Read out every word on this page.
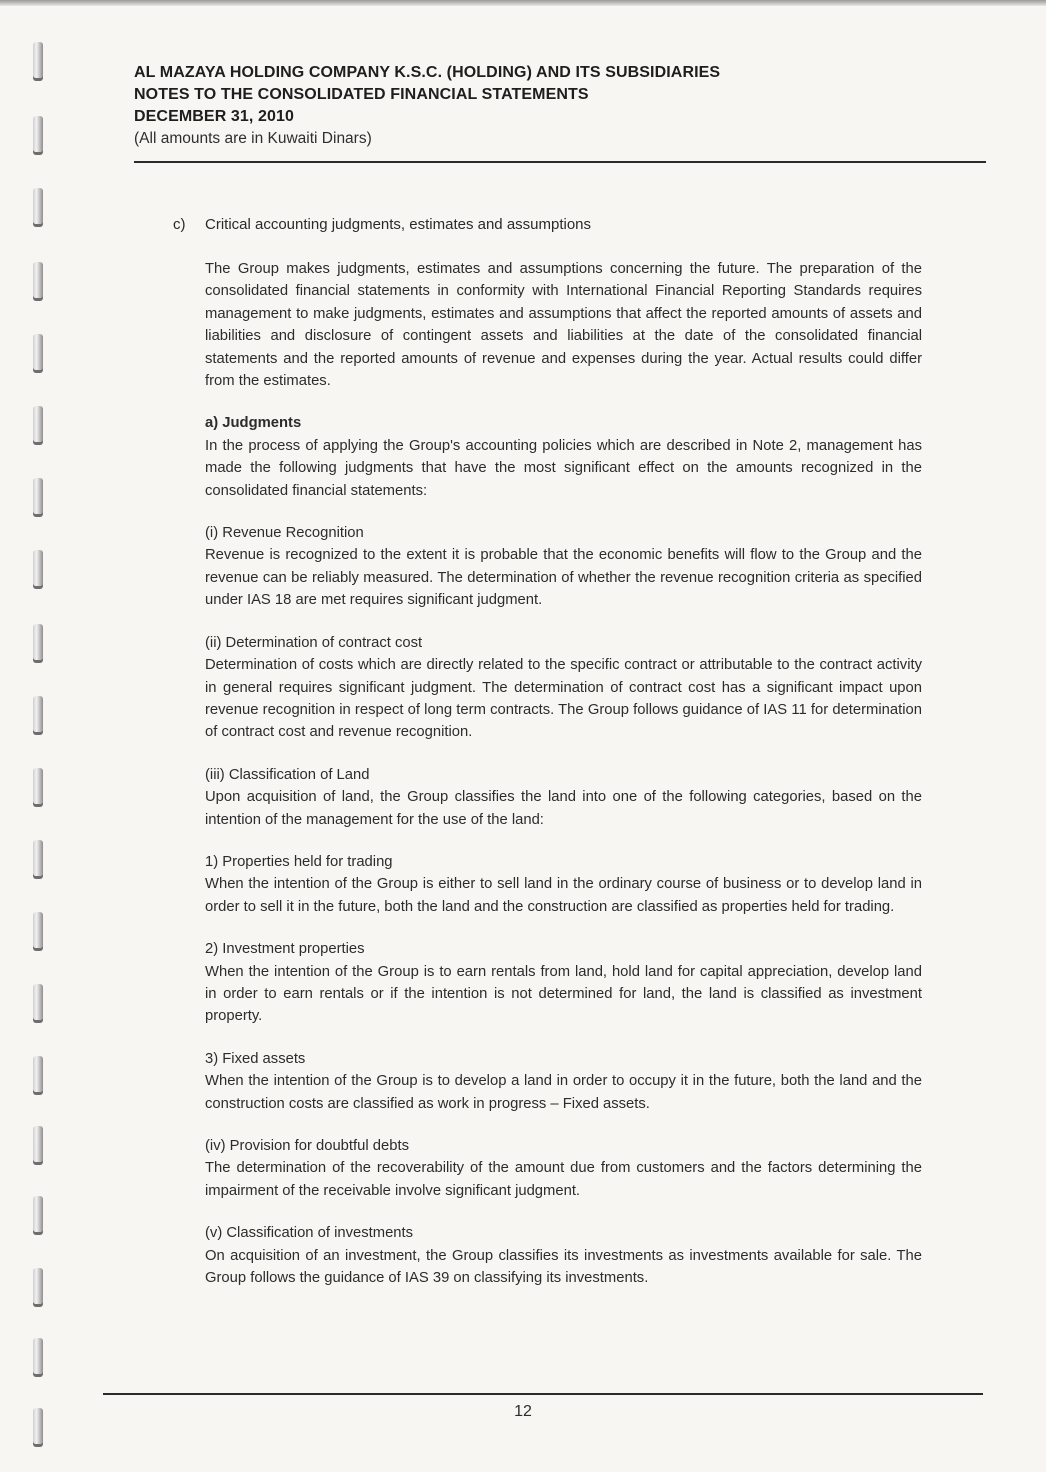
AL MAZAYA HOLDING COMPANY K.S.C. (HOLDING) AND ITS SUBSIDIARIES
NOTES TO THE CONSOLIDATED FINANCIAL STATEMENTS
DECEMBER 31, 2010
(All amounts are in Kuwaiti Dinars)
c) Critical accounting judgments, estimates and assumptions

The Group makes judgments, estimates and assumptions concerning the future. The preparation of the consolidated financial statements in conformity with International Financial Reporting Standards requires management to make judgments, estimates and assumptions that affect the reported amounts of assets and liabilities and disclosure of contingent assets and liabilities at the date of the consolidated financial statements and the reported amounts of revenue and expenses during the year. Actual results could differ from the estimates.

a) Judgments

In the process of applying the Group's accounting policies which are described in Note 2, management has made the following judgments that have the most significant effect on the amounts recognized in the consolidated financial statements:

(i) Revenue Recognition

Revenue is recognized to the extent it is probable that the economic benefits will flow to the Group and the revenue can be reliably measured. The determination of whether the revenue recognition criteria as specified under IAS 18 are met requires significant judgment.

(ii) Determination of contract cost

Determination of costs which are directly related to the specific contract or attributable to the contract activity in general requires significant judgment. The determination of contract cost has a significant impact upon revenue recognition in respect of long term contracts. The Group follows guidance of IAS 11 for determination of contract cost and revenue recognition.

(iii) Classification of Land

Upon acquisition of land, the Group classifies the land into one of the following categories, based on the intention of the management for the use of the land:

1) Properties held for trading

When the intention of the Group is either to sell land in the ordinary course of business or to develop land in order to sell it in the future, both the land and the construction are classified as properties held for trading.

2) Investment properties

When the intention of the Group is to earn rentals from land, hold land for capital appreciation, develop land in order to earn rentals or if the intention is not determined for land, the land is classified as investment property.

3) Fixed assets

When the intention of the Group is to develop a land in order to occupy it in the future, both the land and the construction costs are classified as work in progress – Fixed assets.

(iv) Provision for doubtful debts

The determination of the recoverability of the amount due from customers and the factors determining the impairment of the receivable involve significant judgment.

(v) Classification of investments

On acquisition of an investment, the Group classifies its investments as investments available for sale. The Group follows the guidance of IAS 39 on classifying its investments.

12
